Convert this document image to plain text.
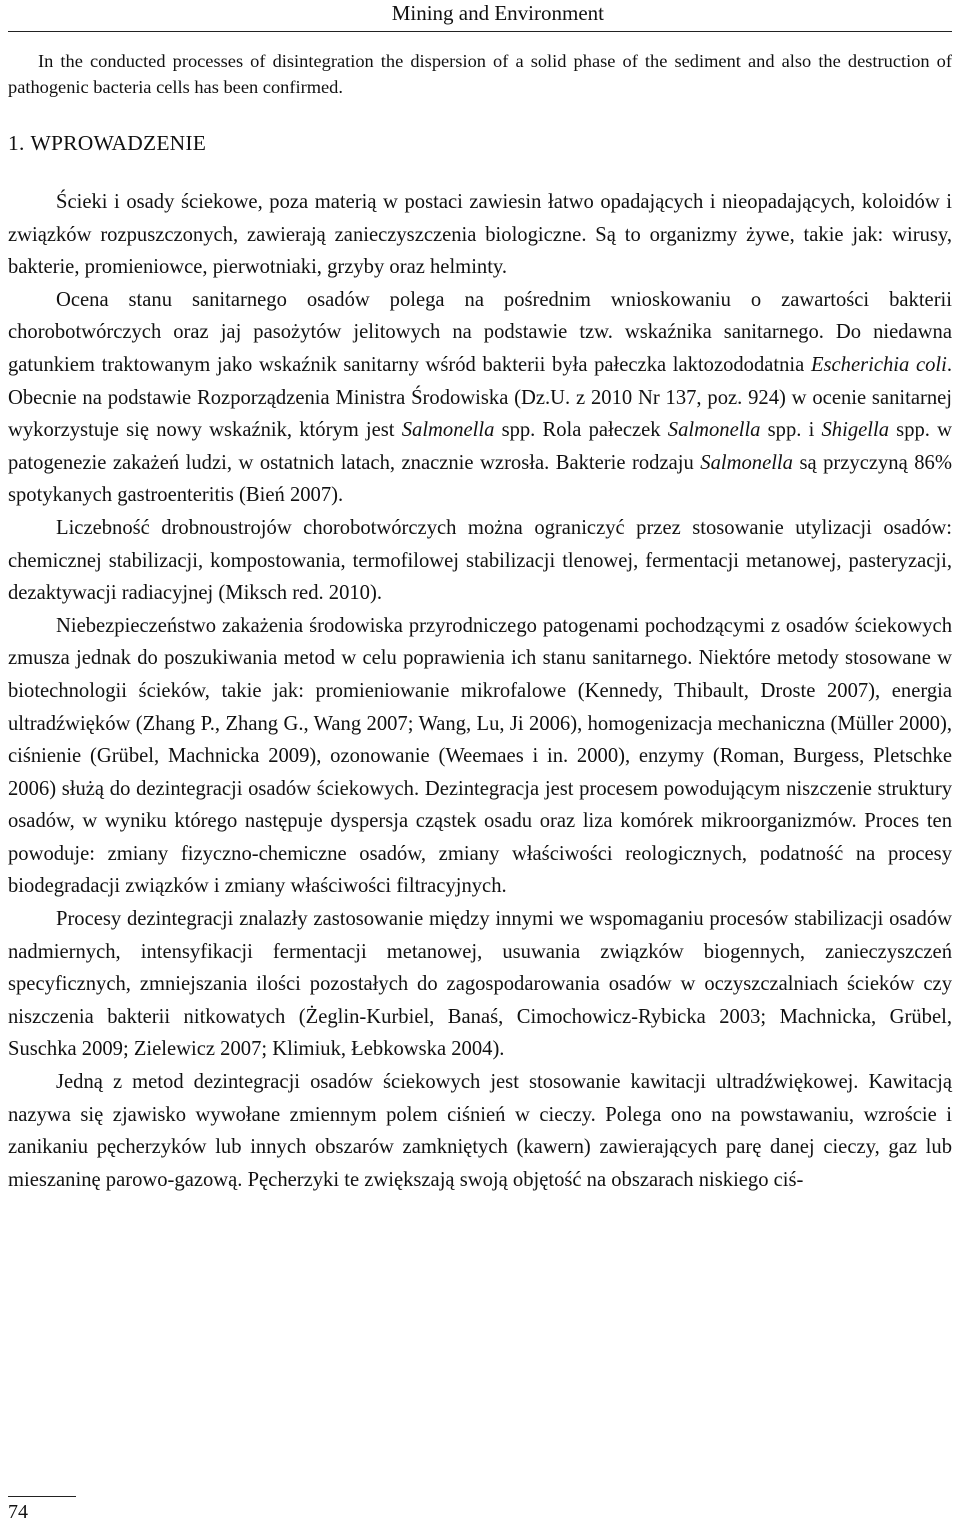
Mining and Environment

In the conducted processes of disintegration the dispersion of a solid phase of the sediment and also the destruction of pathogenic bacteria cells has been confirmed.

1. WPROWADZENIE

Ścieki i osady ściekowe, poza materią w postaci zawiesin łatwo opadających i nieopadających, koloidów i związków rozpuszczonych, zawierają zanieczyszczenia biologiczne. Są to organizmy żywe, takie jak: wirusy, bakterie, promieniowce, pierwotniaki, grzyby oraz helminty.

Ocena stanu sanitarnego osadów polega na pośrednim wnioskowaniu o zawartości bakterii chorobotwórczych oraz jaj pasożytów jelitowych na podstawie tzw. wskaźnika sanitarnego. Do niedawna gatunkiem traktowanym jako wskaźnik sanitarny wśród bakterii była pałeczka laktozododatnia Escherichia coli. Obecnie na podstawie Rozporządzenia Ministra Środowiska (Dz.U. z 2010 Nr 137, poz. 924) w ocenie sanitarnej wykorzystuje się nowy wskaźnik, którym jest Salmonella spp. Rola pałeczek Salmonella spp. i Shigella spp. w patogenezie zakażeń ludzi, w ostatnich latach, znacznie wzrosła. Bakterie rodzaju Salmonella są przyczyną 86% spotykanych gastroenteritis (Bień 2007).

Liczebność drobnoustrojów chorobotwórczych można ograniczyć przez stosowanie utylizacji osadów: chemicznej stabilizacji, kompostowania, termofilowej stabilizacji tlenowej, fermentacji metanowej, pasteryzacji, dezaktywacji radiacyjnej (Miksch red. 2010).

Niebezpieczeństwo zakażenia środowiska przyrodniczego patogenami pochodzącymi z osadów ściekowych zmusza jednak do poszukiwania metod w celu poprawienia ich stanu sanitarnego. Niektóre metody stosowane w biotechnologii ścieków, takie jak: promieniowanie mikrofalowe (Kennedy, Thibault, Droste 2007), energia ultradźwięków (Zhang P., Zhang G., Wang 2007; Wang, Lu, Ji 2006), homogenizacja mechaniczna (Müller 2000), ciśnienie (Grübel, Machnicka 2009), ozonowanie (Weemaes i in. 2000), enzymy (Roman, Burgess, Pletschke 2006) służą do dezintegracji osadów ściekowych. Dezintegracja jest procesem powodującym niszczenie struktury osadów, w wyniku którego następuje dyspersja cząstek osadu oraz liza komórek mikroorganizmów. Proces ten powoduje: zmiany fizyczno-chemiczne osadów, zmiany właściwości reologicznych, podatność na procesy biodegradacji związków i zmiany właściwości filtracyjnych.

Procesy dezintegracji znalazły zastosowanie między innymi we wspomaganiu procesów stabilizacji osadów nadmiernych, intensyfikacji fermentacji metanowej, usuwania związków biogennych, zanieczyszczeń specyficznych, zmniejszania ilości pozostałych do zagospodarowania osadów w oczyszczalniach ścieków czy niszczenia bakterii nitkowatych (Żeglin-Kurbiel, Banaś, Cimochowicz-Rybicka 2003; Machnicka, Grübel, Suschka 2009; Zielewicz 2007; Klimiuk, Łebkowska 2004).

Jedną z metod dezintegracji osadów ściekowych jest stosowanie kawitacji ultradźwiękowej. Kawitacją nazywa się zjawisko wywołane zmiennym polem ciśnień w cieczy. Polega ono na powstawaniu, wzroście i zanikaniu pęcherzyków lub innych obszarów zamkniętych (kawern) zawierających parę danej cieczy, gaz lub mieszaninę parowo-gazową. Pęcherzyki te zwiększają swoją objętość na obszarach niskiego ciś-

74
